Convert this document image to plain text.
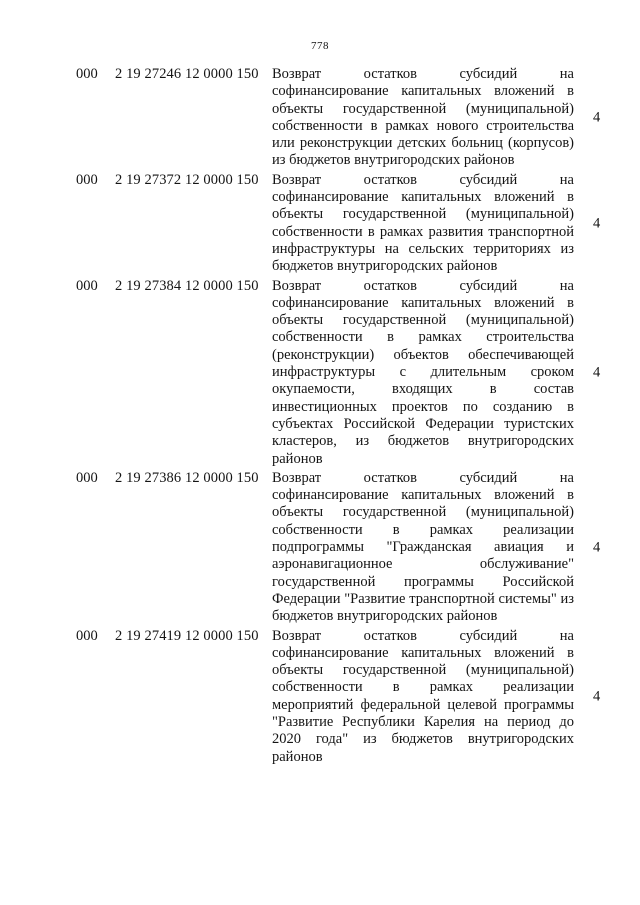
778
000 2 19 27246 12 0000 150 Возврат остатков субсидий на софинансирование капитальных вложений в объекты государственной (муниципальной) собственности в рамках нового строительства или реконструкции детских больниц (корпусов) из бюджетов внутригородских районов
4
000 2 19 27372 12 0000 150 Возврат остатков субсидий на софинансирование капитальных вложений в объекты государственной (муниципальной) собственности в рамках развития транспортной инфраструктуры на сельских территориях из бюджетов внутригородских районов
4
000 2 19 27384 12 0000 150 Возврат остатков субсидий на софинансирование капитальных вложений в объекты государственной (муниципальной) собственности в рамках строительства (реконструкции) объектов обеспечивающей инфраструктуры с длительным сроком окупаемости, входящих в состав инвестиционных проектов по созданию в субъектах Российской Федерации туристских кластеров, из бюджетов внутригородских районов
4
000 2 19 27386 12 0000 150 Возврат остатков субсидий на софинансирование капитальных вложений в объекты государственной (муниципальной) собственности в рамках реализации подпрограммы "Гражданская авиация и аэронавигационное обслуживание" государственной программы Российской Федерации "Развитие транспортной системы" из бюджетов внутригородских районов
4
000 2 19 27419 12 0000 150 Возврат остатков субсидий на софинансирование капитальных вложений в объекты государственной (муниципальной) собственности в рамках реализации мероприятий федеральной целевой программы "Развитие Республики Карелия на период до 2020 года" из бюджетов внутригородских районов
4
